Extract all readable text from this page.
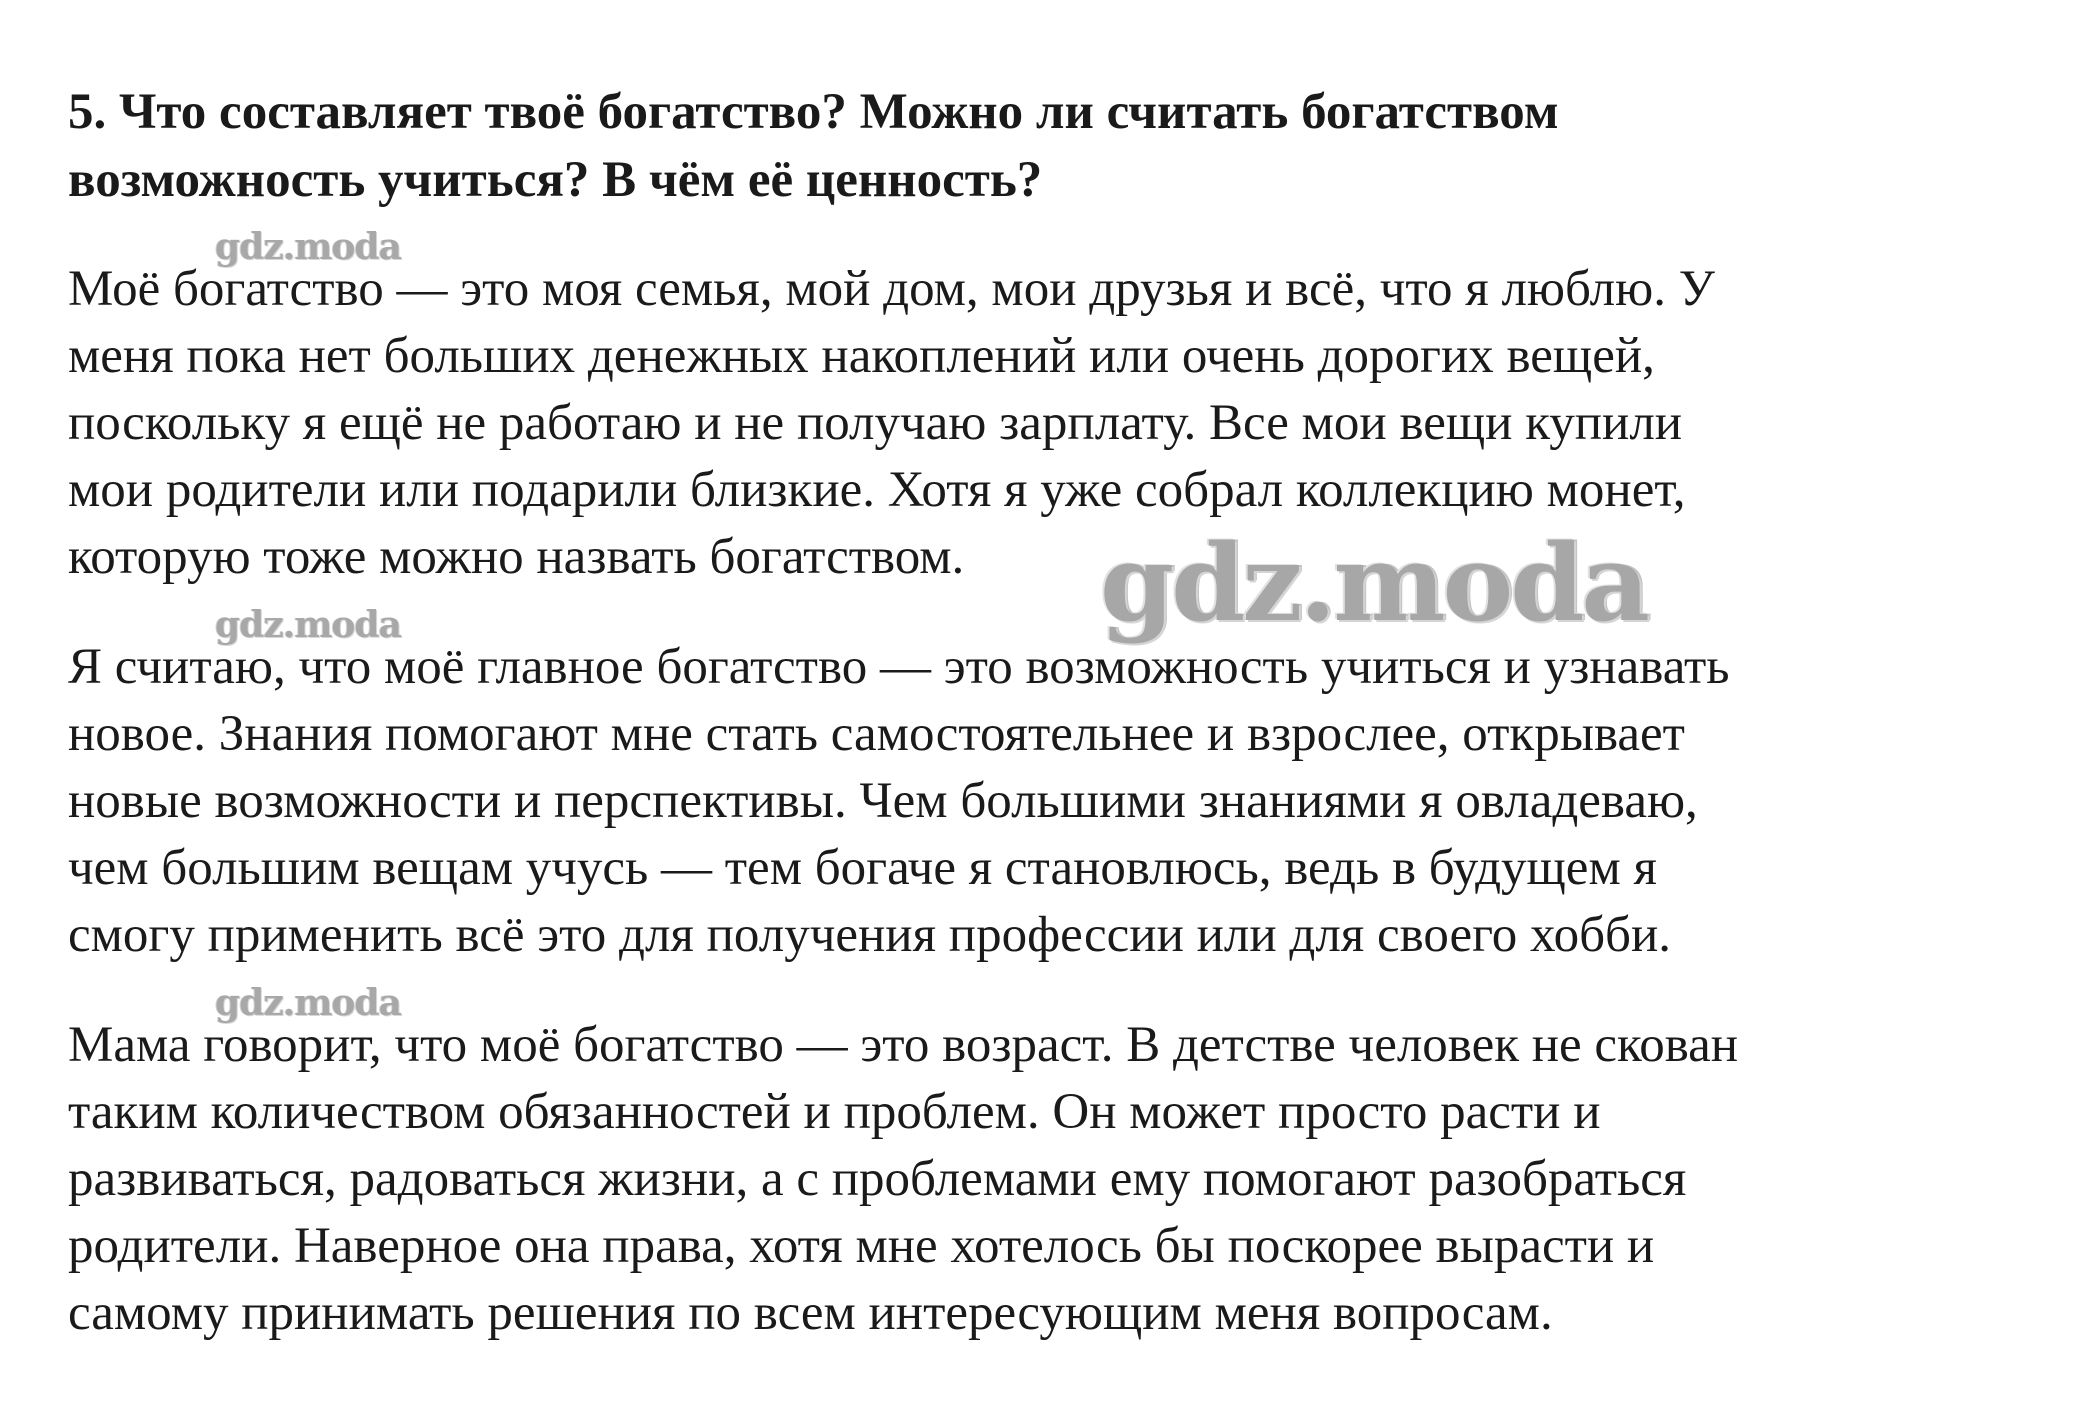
5. Что составляет твоё богатство? Можно ли считать богатством
возможность учиться? В чём её ценность?
Моё богатство — это моя семья, мой дом, мои друзья и всё, что я люблю. У
меня пока нет больших денежных накоплений или очень дорогих вещей,
поскольку я ещё не работаю и не получаю зарплату. Все мои вещи купили
мои родители или подарили близкие. Хотя я уже собрал коллекцию монет,
которую тоже можно назвать богатством.
Я считаю, что моё главное богатство — это возможность учиться и узнавать
новое. Знания помогают мне стать самостоятельнее и взрослее, открывает
новые возможности и перспективы. Чем большими знаниями я овладеваю,
чем большим вещам учусь — тем богаче я становлюсь, ведь в будущем я
смогу применить всё это для получения профессии или для своего хобби.
Мама говорит, что моё богатство — это возраст. В детстве человек не скован
таким количеством обязанностей и проблем. Он может просто расти и
развиваться, радоваться жизни, а с проблемами ему помогают разобраться
родители. Наверное она права, хотя мне хотелось бы поскорее вырасти и
самому принимать решения по всем интересующим меня вопросам.
gdz.moda
gdz.moda
gdz.moda
gdz.moda
